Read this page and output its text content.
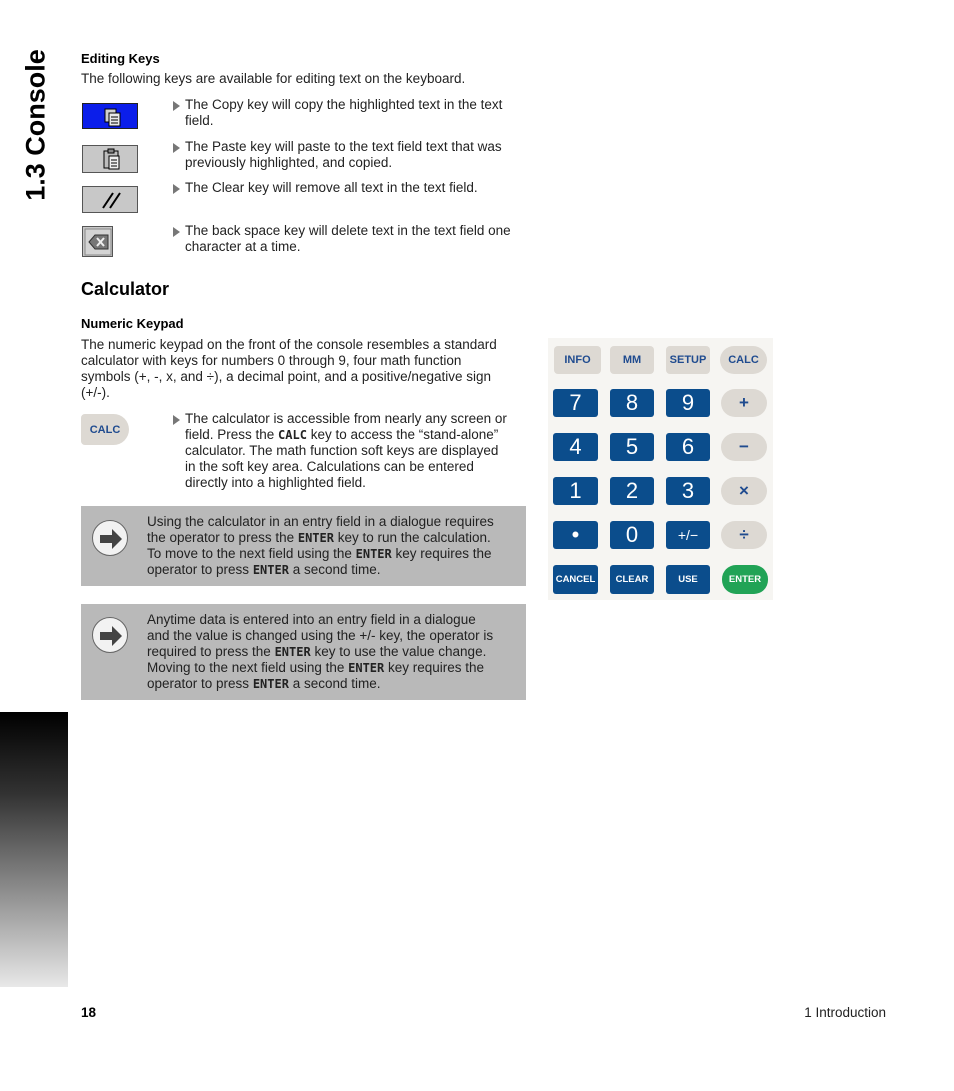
1.3 Console Editing Keys

The following keys are available for editing text on the keyboard.

The Copy key will copy the highlighted text in the text
field.
The Paste key will paste to the text field text that was
previously highlighted, and copied.
The Clear key will remove all text in the text field.
The back space key will delete text in the text field one
character at a time.
Calculator
Numeric Keypad

The numeric keypad on the front of the console resembles a standard

calculator with keys for numbers 0 through 9, four math function

symbols (+, -, x, and ÷), a decimal point, and a positive/negative sign

(+/-).

CALC
The calculator is accessible from nearly any screen or
field. Press the CALC key to access the “stand-alone”
calculator. The math function soft keys are displayed
in the soft key area. Calculations can be entered
directly into a highlighted field.
Using the calculator in an entry field in a dialogue requires
the operator to press the ENTER key to run the calculation.
To move to the next field using the ENTER key requires the
operator to press ENTER a second time.
Anytime data is entered into an entry field in a dialogue
and the value is changed using the +/- key, the operator is
required to press the ENTER key to use the value change.
Moving to the next field using the ENTER key requires the
operator to press ENTER a second time.
INFO	MM	SETUP	CALC
7	8	9	+
4	5	6	−
1	2	3	×
•	0	+/−	÷
CANCEL	CLEAR	USE	ENTER
18	1 Introduction
